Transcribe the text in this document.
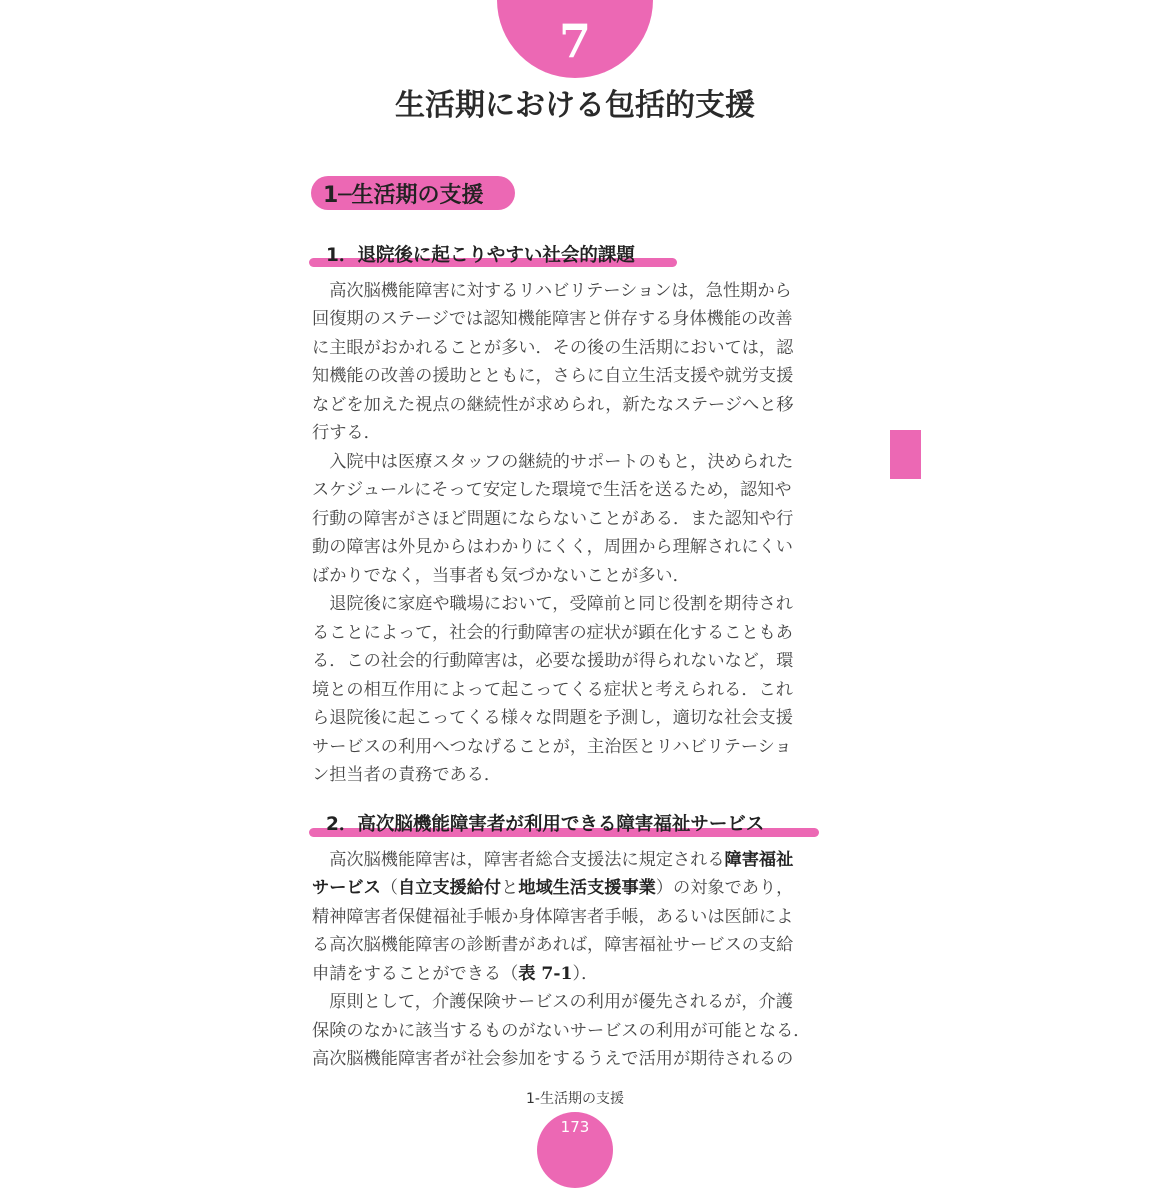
7
生活期における包括的支援
1─生活期の支援
1．退院後に起こりやすい社会的課題
　高次脳機能障害に対するリハビリテーションは，急性期から
回復期のステージでは認知機能障害と併存する身体機能の改善
に主眼がおかれることが多い．その後の生活期においては，認
知機能の改善の援助とともに，さらに自立生活支援や就労支援
などを加えた視点の継続性が求められ，新たなステージへと移
行する．
　入院中は医療スタッフの継続的サポートのもと，決められた
スケジュールにそって安定した環境で生活を送るため，認知や
行動の障害がさほど問題にならないことがある．また認知や行
動の障害は外見からはわかりにくく，周囲から理解されにくい
ばかりでなく，当事者も気づかないことが多い．
　退院後に家庭や職場において，受障前と同じ役割を期待され
ることによって，社会的行動障害の症状が顕在化することもあ
る．この社会的行動障害は，必要な援助が得られないなど，環
境との相互作用によって起こってくる症状と考えられる．これ
ら退院後に起こってくる様々な問題を予測し，適切な社会支援
サービスの利用へつなげることが，主治医とリハビリテーショ
ン担当者の責務である．
2．高次脳機能障害者が利用できる障害福祉サービス
　高次脳機能障害は，障害者総合支援法に規定される障害福祉
サービス（自立支援給付と地域生活支援事業）の対象であり，
精神障害者保健福祉手帳か身体障害者手帳，あるいは医師によ
る高次脳機能障害の診断書があれば，障害福祉サービスの支給
申請をすることができる（表 7-1）．
　原則として，介護保険サービスの利用が優先されるが，介護
保険のなかに該当するものがないサービスの利用が可能となる．
高次脳機能障害者が社会参加をするうえで活用が期待されるの
1-生活期の支援
173
